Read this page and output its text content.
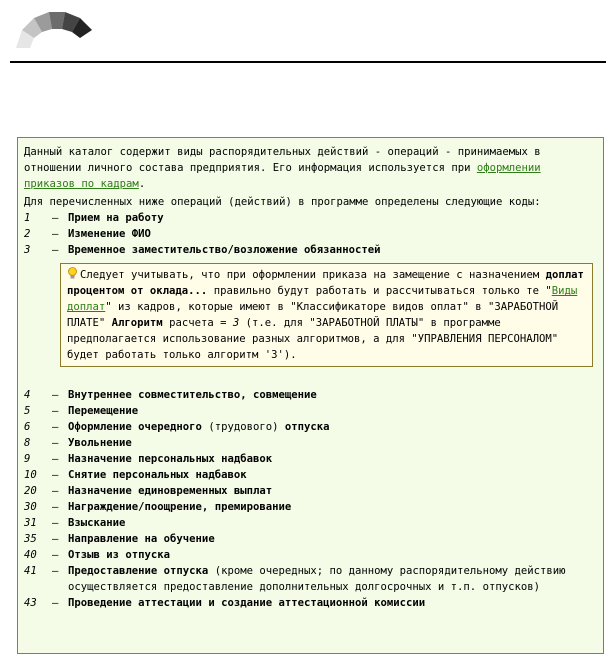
Данный каталог содержит виды распорядительных действий - операций - принимаемых в отношении личного состава предприятия. Его информация используется при оформлении приказов по кадрам.

Для перечисленных ниже операций (действий) в программе определены следующие коды:

1	– Прием на работу
2	– Изменение ФИО
3	– Временное заместительство/возложение обязанностей
Следует учитывать, что при оформлении приказа на замещение с назначением доплат процентом от оклада... правильно будут работать и рассчитываться только те "Виды доплат" из кадров, которые имеют в "Классификаторе видов оплат" в "ЗАРАБОТНОЙ ПЛАТЕ" Алгоритм расчета = 3 (т.е. для "ЗАРАБОТНОЙ ПЛАТЫ" в программе предполагается использование разных алгоритмов, а для "УПРАВЛЕНИЯ ПЕРСОНАЛОМ" будет работать только алгоритм '3').
4	– Внутреннее совместительство, совмещение
5	– Перемещение
6	– Оформление очередного (трудового) отпуска
8	– Увольнение
9	– Назначение персональных надбавок
10	– Снятие персональных надбавок
20	– Назначение единовременных выплат
30	– Награждение/поощрение, премирование
31	– Взыскание
35	– Направление на обучение
40	– Отзыв из отпуска
41	– Предоставление отпуска (кроме очередных; по данному распорядительному действию осуществляется предоставление дополнительных долгосрочных и т.п. отпусков)
43	– Проведение аттестации и создание аттестационной комиссии
